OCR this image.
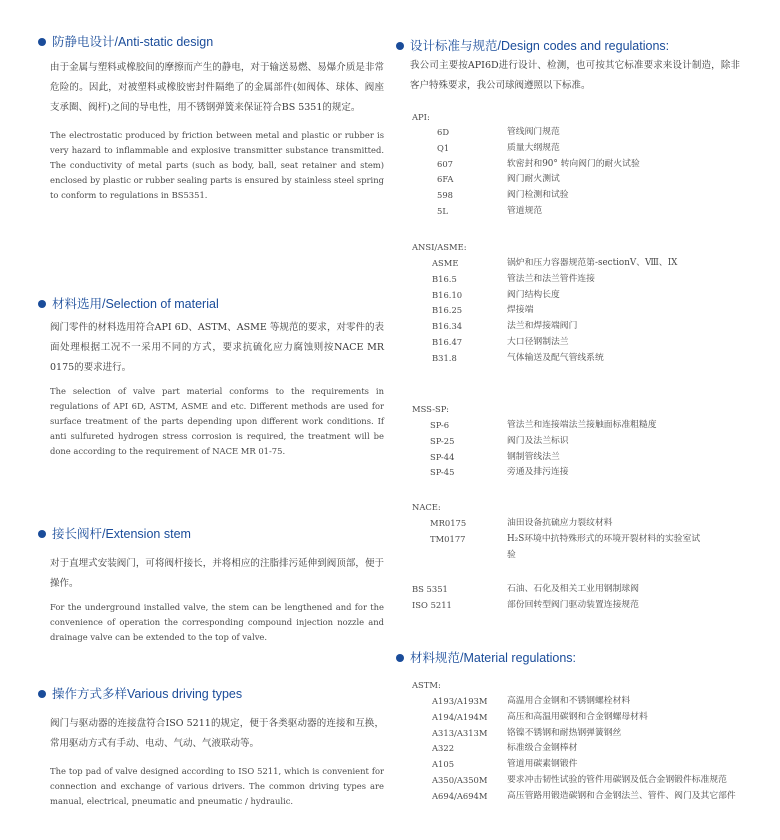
防静电设计/Anti-static design

由于金属与塑料或橡胶间的摩擦而产生的静电，对于输送易燃、易爆介质是非常危险的。因此，对被塑料或橡胶密封件隔绝了的金属部件(如阀体、球体、阀座 支承圈、阀杆)之间的导电性，用不锈钢弹簧来保证符合BS 5351的规定。

The electrostatic produced by friction between metal and plastic or rubber is very hazard to inflammable and explosive transmitter substance transmitted. The conductivity of metal parts (such as body, ball, seat retainer and stem) enclosed by plastic or rubber sealing parts is ensured by stainless steel spring to conform to regulations in BS5351.

材料选用/Selection of material

阀门零件的材料选用符合API 6D、ASTM、ASME 等规范的要求，对零件的表面处理根据工况不一采用不同的方式，要求抗硫化应力腐蚀则按NACE MR 0175的要求进行。

The selection of valve part material conforms to the requirements in regulations of API 6D, ASTM, ASME and etc. Different methods are used for surface treatment of the parts depending upon different work conditions. If anti sulfureted hydrogen stress corrosion is required, the treatment will be done according to the requirement of NACE MR 01-75.

接长阀杆/Extension stem

对于直埋式安装阀门，可将阀杆接长，并将相应的注脂排污延伸到阀顶部，便于操作。

For the underground installed valve, the stem can be lengthened and for the convenience of operation the corresponding compound injection nozzle and drainage valve can be extended to the top of valve.

操作方式多样Various driving types

阀门与驱动器的连接盘符合ISO 5211的规定，便于各类驱动器的连接和互换，常用驱动方式有手动、电动、气动、气液联动等。

The top pad of valve designed according to ISO 5211, which is convenient for connection and exchange of various drivers. The common driving types are manual, electrical, pneumatic and pneumatic / hydraulic.

设计标准与规范/Design codes and regulations:

我公司主要按API6D进行设计、检测，也可按其它标准要求来设计制造，除非客户特殊要求，我公司球阀遵照以下标准。

API:
6D	管线阀门规范
Q1	质量大纲规范
607	软密封和90° 转向阀门的耐火试验
6FA	阀门耐火测试
598	阀门检测和试验
5L	管道规范
ANSI/ASME:
ASME	锅炉和压力容器规范第-sectionV、Ⅷ、IX
B16.5	管法兰和法兰管件连接
B16.10	阀门结构长度
B16.25	焊接端
B16.34	法兰和焊接端阀门
B16.47	大口径钢制法兰
B31.8	气体输送及配气管线系统
MSS-SP:
SP-6	管法兰和连接端法兰接触面标准粗糙度
SP-25	阀门及法兰标识
SP-44	钢制管线法兰
SP-45	旁通及排污连接
NACE:
MR0175	油田设备抗硫应力裂纹材料
TM0177	H₂S环境中抗特殊形式的环境开裂材料的实验室试验
BS 5351	石油、石化及相关工业用钢制球阀
ISO 5211	部份回转型阀门驱动装置连接规范
材料规范/Material regulations:
ASTM:
A193/A193M	高温用合金钢和不锈钢螺栓材料
A194/A194M	高压和高温用碳钢和合金钢螺母材料
A313/A313M	铬镍不锈钢和耐热钢弹簧钢丝
A322	标准级合金钢棒材
A105	管道用碳素钢锻件
A350/A350M	要求冲击韧性试验的管件用碳钢及低合金钢锻件标准规范
A694/A694M	高压管路用锻造碳钢和合金钢法兰、管件、阀门及其它部件
